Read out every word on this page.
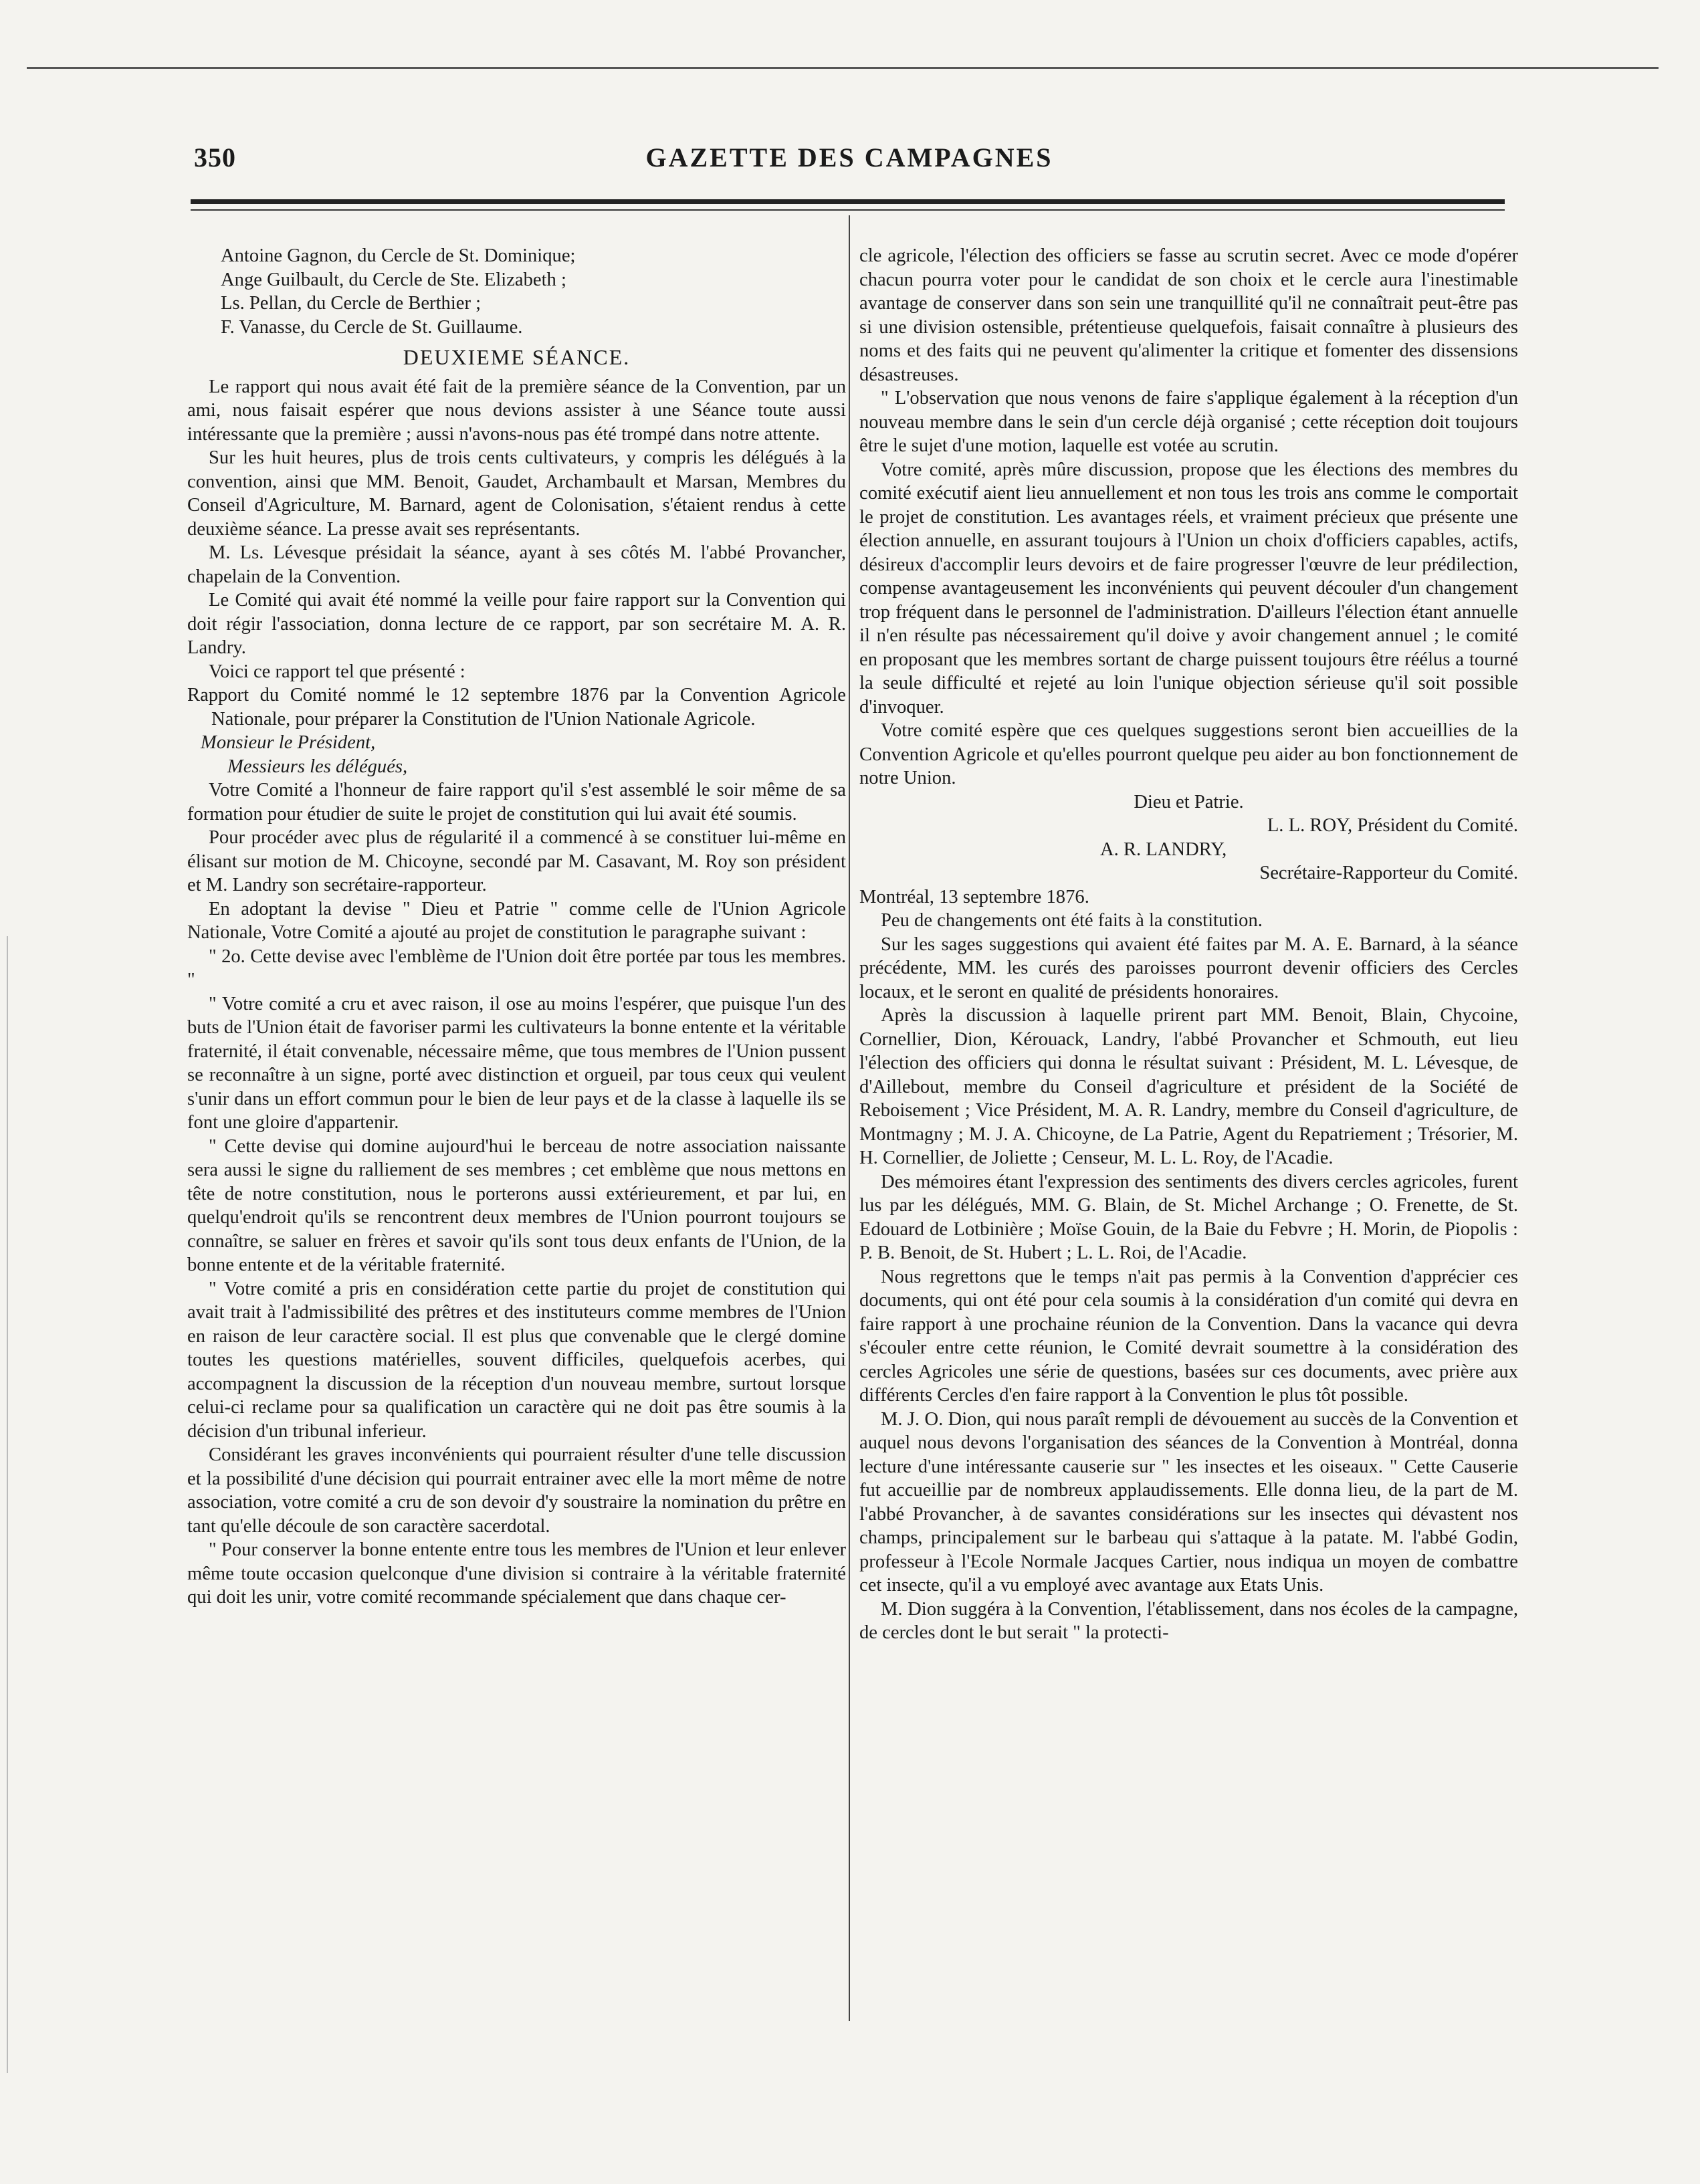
350	GAZETTE DES CAMPAGNES
Antoine Gagnon, du Cercle de St. Dominique;
Ange Guilbault, du Cercle de Ste. Elizabeth ;
Ls. Pellan, du Cercle de Berthier ;
F. Vanasse, du Cercle de St. Guillaume.
DEUXIEME SÉANCE.

Le rapport qui nous avait été fait de la première séance de la Convention, par un ami, nous faisait espérer que nous devions assister à une Séance toute aussi intéressante que la première ; aussi n'avons-nous pas été trompé dans notre attente.

Sur les huit heures, plus de trois cents cultivateurs, y compris les délégués à la convention, ainsi que MM. Benoit, Gaudet, Archambault et Marsan, Membres du Conseil d'Agriculture, M. Barnard, agent de Colonisation, s'étaient rendus à cette deuxième séance. La presse avait ses représentants.

M. Ls. Lévesque présidait la séance, ayant à ses côtés M. l'abbé Provancher, chapelain de la Convention.

Le Comité qui avait été nommé la veille pour faire rapport sur la Convention qui doit régir l'association, donna lecture de ce rapport, par son secrétaire M. A. R. Landry.

Voici ce rapport tel que présenté :

Rapport du Comité nommé le 12 septembre 1876 par la Convention Agricole Nationale, pour préparer la Constitution de l'Union Nationale Agricole.

Monsieur le Président,

Messieurs les délégués,

Votre Comité a l'honneur de faire rapport qu'il s'est assemblé le soir même de sa formation pour étudier de suite le projet de constitution qui lui avait été soumis.

Pour procéder avec plus de régularité il a commencé à se constituer lui-même en élisant sur motion de M. Chicoyne, secondé par M. Casavant, M. Roy son président et M. Landry son secrétaire-rapporteur.

En adoptant la devise " Dieu et Patrie " comme celle de l'Union Agricole Nationale, Votre Comité a ajouté au projet de constitution le paragraphe suivant :

" 2o. Cette devise avec l'emblème de l'Union doit être portée par tous les membres. "

" Votre comité a cru et avec raison, il ose au moins l'espérer, que puisque l'un des buts de l'Union était de favoriser parmi les cultivateurs la bonne entente et la véritable fraternité, il était convenable, nécessaire même, que tous membres de l'Union pussent se reconnaître à un signe, porté avec distinction et orgueil, par tous ceux qui veulent s'unir dans un effort commun pour le bien de leur pays et de la classe à laquelle ils se font une gloire d'appartenir.

" Cette devise qui domine aujourd'hui le berceau de notre association naissante sera aussi le signe du ralliement de ses membres ; cet emblème que nous mettons en tête de notre constitution, nous le porterons aussi extérieurement, et par lui, en quelqu'endroit qu'ils se rencontrent deux membres de l'Union pourront toujours se connaître, se saluer en frères et savoir qu'ils sont tous deux enfants de l'Union, de la bonne entente et de la véritable fraternité.

" Votre comité a pris en considération cette partie du projet de constitution qui avait trait à l'admissibilité des prêtres et des instituteurs comme membres de l'Union en raison de leur caractère social. Il est plus que convenable que le clergé domine toutes les questions matérielles, souvent difficiles, quelquefois acerbes, qui accompagnent la discussion de la réception d'un nouveau membre, surtout lorsque celui-ci reclame pour sa qualification un caractère qui ne doit pas être soumis à la décision d'un tribunal inferieur.

Considérant les graves inconvénients qui pourraient résulter d'une telle discussion et la possibilité d'une décision qui pourrait entrainer avec elle la mort même de notre association, votre comité a cru de son devoir d'y soustraire la nomination du prêtre en tant qu'elle découle de son caractère sacerdotal.

" Pour conserver la bonne entente entre tous les membres de l'Union et leur enlever même toute occasion quelconque d'une division si contraire à la véritable fraternité qui doit les unir, votre comité recommande spécialement que dans chaque cer-

cle agricole, l'élection des officiers se fasse au scrutin secret. Avec ce mode d'opérer chacun pourra voter pour le candidat de son choix et le cercle aura l'inestimable avantage de conserver dans son sein une tranquillité qu'il ne connaîtrait peut-être pas si une division ostensible, prétentieuse quelquefois, faisait connaître à plusieurs des noms et des faits qui ne peuvent qu'alimenter la critique et fomenter des dissensions désastreuses.

" L'observation que nous venons de faire s'applique également à la réception d'un nouveau membre dans le sein d'un cercle déjà organisé ; cette réception doit toujours être le sujet d'une motion, laquelle est votée au scrutin.

Votre comité, après mûre discussion, propose que les élections des membres du comité exécutif aient lieu annuellement et non tous les trois ans comme le comportait le projet de constitution. Les avantages réels, et vraiment précieux que présente une élection annuelle, en assurant toujours à l'Union un choix d'officiers capables, actifs, désireux d'accomplir leurs devoirs et de faire progresser l'œuvre de leur prédilection, compense avantageusement les inconvénients qui peuvent découler d'un changement trop fréquent dans le personnel de l'administration. D'ailleurs l'élection étant annuelle il n'en résulte pas nécessairement qu'il doive y avoir changement annuel ; le comité en proposant que les membres sortant de charge puissent toujours être réélus a tourné la seule difficulté et rejeté au loin l'unique objection sérieuse qu'il soit possible d'invoquer.

Votre comité espère que ces quelques suggestions seront bien accueillies de la Convention Agricole et qu'elles pourront quelque peu aider au bon fonctionnement de notre Union.

Dieu et Patrie.

L. L. ROY, Président du Comité.

A. R. LANDRY,

Secrétaire-Rapporteur du Comité.

Montréal, 13 septembre 1876.

Peu de changements ont été faits à la constitution.

Sur les sages suggestions qui avaient été faites par M. A. E. Barnard, à la séance précédente, MM. les curés des paroisses pourront devenir officiers des Cercles locaux, et le seront en qualité de présidents honoraires.

Après la discussion à laquelle prirent part MM. Benoit, Blain, Chycoine, Cornellier, Dion, Kérouack, Landry, l'abbé Provancher et Schmouth, eut lieu l'élection des officiers qui donna le résultat suivant : Président, M. L. Lévesque, de d'Aillebout, membre du Conseil d'agriculture et président de la Société de Reboisement ; Vice Président, M. A. R. Landry, membre du Conseil d'agriculture, de Montmagny ; M. J. A. Chicoyne, de La Patrie, Agent du Repatriement ; Trésorier, M. H. Cornellier, de Joliette ; Censeur, M. L. L. Roy, de l'Acadie.

Des mémoires étant l'expression des sentiments des divers cercles agricoles, furent lus par les délégués, MM. G. Blain, de St. Michel Archange ; O. Frenette, de St. Edouard de Lotbinière ; Moïse Gouin, de la Baie du Febvre ; H. Morin, de Piopolis : P. B. Benoit, de St. Hubert ; L. L. Roi, de l'Acadie.

Nous regrettons que le temps n'ait pas permis à la Convention d'apprécier ces documents, qui ont été pour cela soumis à la considération d'un comité qui devra en faire rapport à une prochaine réunion de la Convention. Dans la vacance qui devra s'écouler entre cette réunion, le Comité devrait soumettre à la considération des cercles Agricoles une série de questions, basées sur ces documents, avec prière aux différents Cercles d'en faire rapport à la Convention le plus tôt possible.

M. J. O. Dion, qui nous paraît rempli de dévouement au succès de la Convention et auquel nous devons l'organisation des séances de la Convention à Montréal, donna lecture d'une intéressante causerie sur " les insectes et les oiseaux. " Cette Causerie fut accueillie par de nombreux applaudissements. Elle donna lieu, de la part de M. l'abbé Provancher, à de savantes considérations sur les insectes qui dévastent nos champs, principalement sur le barbeau qui s'attaque à la patate. M. l'abbé Godin, professeur à l'Ecole Normale Jacques Cartier, nous indiqua un moyen de combattre cet insecte, qu'il a vu employé avec avantage aux Etats Unis.

M. Dion suggéra à la Convention, l'établissement, dans nos écoles de la campagne, de cercles dont le but serait " la protecti-
